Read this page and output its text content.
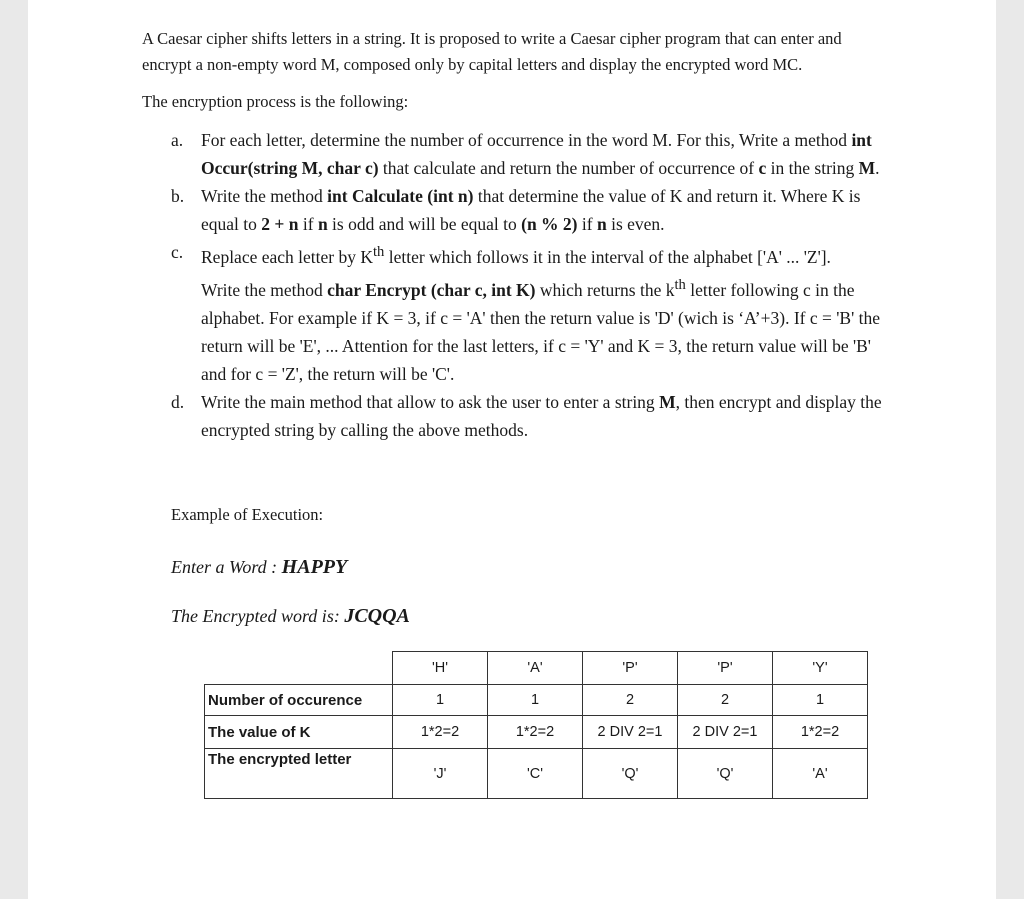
A Caesar cipher shifts letters in a string. It is proposed to write a Caesar cipher program that can enter and
encrypt a non-empty word M, composed only by capital letters and display the encrypted word MC.
The encryption process is the following:
a. For each letter, determine the number of occurrence in the word M. For this, Write a method int Occur(string M, char c) that calculate and return the number of occurrence of c in the string M.

b. Write the method int Calculate (int n) that determine the value of K and return it. Where K is equal to 2 + n if n is odd and will be equal to (n % 2) if n is even.

c. Replace each letter by $K^{th}$ letter which follows it in the interval of the alphabet ['A' ... 'Z'].

Write the method char Encrypt (char c, int K) which returns the $k^{th}$ letter following c in the alphabet. For example if K = 3, if c = 'A' then the return value is 'D' (wich is ‘A’+3). If c = 'B' the return will be 'E', ... Attention for the last letters, if c = 'Y' and K = 3, the return value will be 'B' and for c = 'Z', the return will be 'C'.

d. Write the main method that allow to ask the user to enter a string M, then encrypt and display the encrypted string by calling the above methods.

Example of Execution:
Enter a Word : HAPPY
The Encrypted word is: JCQQA
	'H'	'A'	'P'	'P'	'Y'
Number of occurence	1	1	2	2	1
The value of K	1*2=2	1*2=2	2 DIV 2=1	2 DIV 2=1	1*2=2
The encrypted letter	'J'	'C'	'Q'	'Q'	'A'
